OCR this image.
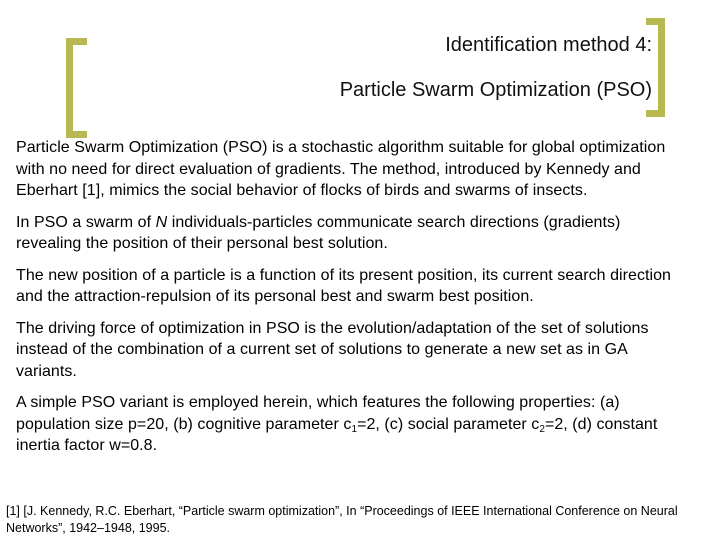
Identification method 4:
Particle Swarm Optimization (PSO)

Particle Swarm Optimization (PSO) is a stochastic algorithm suitable for global optimization with no need for direct evaluation of gradients. The method, introduced by Kennedy and Eberhart [1], mimics the social behavior of flocks of birds and swarms of insects.

In PSO a swarm of N individuals-particles communicate search directions (gradients) revealing the position of their personal best solution.

The new position of a particle is a function of its present position, its current search direction and the attraction-repulsion of its personal best and swarm best position.

The driving force of optimization in PSO is the evolution/adaptation of the set of solutions instead of the combination of a current set of solutions to generate a new set as in GA variants.

A simple PSO variant is employed herein, which features the following properties: (a) population size p=20, (b) cognitive parameter $c_1=2$, (c) social parameter $c_2=2$, (d) constant inertia factor w=0.8.

[1] [J. Kennedy, R.C. Eberhart, “Particle swarm optimization”, In “Proceedings of IEEE International Conference on Neural Networks”, 1942–1948, 1995.
